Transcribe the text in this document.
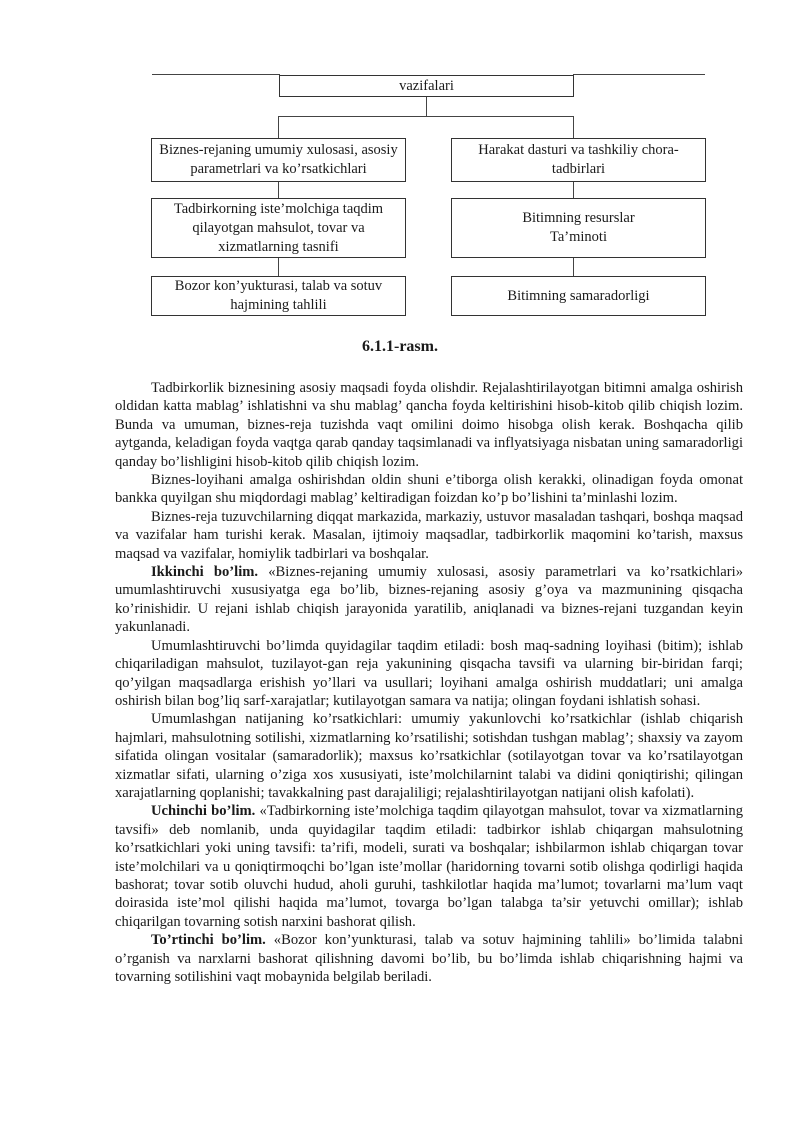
vazifalari
Biznes-rejaning umumiy xulosasi, asosiy parametrlari va ko’rsatkichlari
Tadbirkorning iste’molchiga taqdim qilayotgan mahsulot, tovar va xizmatlarning tasnifi
Bozor kon’yukturasi, talab va sotuv hajmining tahlili
Harakat dasturi va tashkiliy chora-tadbirlari
Bitimning resurslar Ta’minoti
Bitimning samaradorligi
6.1.1-rasm.

Tadbirkorlik biznesining asosiy maqsadi foyda olishdir. Rejalashtirilayotgan bitimni amalga oshirish oldidan katta mablag’ ishlatishni va shu mablag’ qancha foyda keltirishini hisob-kitob qilib chiqish lozim. Bunda va umuman, biznes-reja tuzishda vaqt omilini doimo hisobga olish kerak. Boshqacha qilib aytganda, keladigan foyda vaqtga qarab qanday taqsimlanadi va inflyatsiyaga nisbatan uning samaradorligi qanday bo’lishligini hisob-kitob qilib chiqish lozim.

Biznes-loyihani amalga oshirishdan oldin shuni e’tiborga olish kerakki, olinadigan foyda omonat bankka quyilgan shu miqdordagi mablag’ keltiradigan foizdan ko’p bo’lishini ta’minlashi lozim.

Biznes-reja tuzuvchilarning diqqat markazida, markaziy, ustuvor masaladan tashqari, boshqa maqsad va vazifalar ham turishi kerak. Masalan, ijtimoiy maqsadlar, tadbirkorlik maqomini ko’tarish, maxsus maqsad va vazifalar, homiylik tadbirlari va boshqalar.

Ikkinchi bo’lim. «Biznes-rejaning umumiy xulosasi, asosiy parametrlari va ko’rsatkichlari» umumlashtiruvchi xususiyatga ega bo’lib, biznes-rejaning asosiy g’oya va mazmunining qisqacha ko’rinishidir. U rejani ishlab chiqish jarayonida yaratilib, aniqlanadi va biznes-rejani tuzgandan keyin yakunlanadi.

Umumlashtiruvchi bo’limda quyidagilar taqdim etiladi: bosh maq-sadning loyihasi (bitim); ishlab chiqariladigan mahsulot, tuzilayot-gan reja yakunining qisqacha tavsifi va ularning bir-biridan farqi; qo’yilgan maqsadlarga erishish yo’llari va usullari; loyihani amalga oshirish muddatlari; uni amalga oshirish bilan bog’liq sarf-xarajatlar; kutilayotgan samara va natija; olingan foydani ishlatish sohasi.

Umumlashgan natijaning ko’rsatkichlari: umumiy yakunlovchi ko’rsatkichlar (ishlab chiqarish hajmlari, mahsulotning sotilishi, xizmatlarning ko’rsatilishi; sotishdan tushgan mablag’; shaxsiy va zayom sifatida olingan vositalar (samaradorlik); maxsus ko’rsatkichlar (sotilayotgan tovar va ko’rsatilayotgan xizmatlar sifati, ularning o’ziga xos xususiyati, iste’molchilarnint talabi va didini qoniqtirishi; qilingan xarajatlarning qoplanishi; tavakkalning past darajaliligi; rejalashtirilayotgan natijani olish kafolati).

Uchinchi bo’lim. «Tadbirkorning iste’molchiga taqdim qilayotgan mahsulot, tovar va xizmatlarning tavsifi» deb nomlanib, unda quyidagilar taqdim etiladi: tadbirkor ishlab chiqargan mahsulotning ko’rsatkichlari yoki uning tavsifi: ta’rifi, modeli, surati va boshqalar; ishbilarmon ishlab chiqargan tovar iste’molchilari va u qoniqtirmoqchi bo’lgan iste’mollar (haridorning tovarni sotib olishga qodirligi haqida bashorat; tovar sotib oluvchi hudud, aholi guruhi, tashkilotlar haqida ma’lumot; tovarlarni ma’lum vaqt doirasida iste’mol qilishi haqida ma’lumot, tovarga bo’lgan talabga ta’sir yetuvchi omillar); ishlab chiqarilgan tovarning sotish narxini bashorat qilish.

To’rtinchi bo’lim. «Bozor kon’yunkturasi, talab va sotuv hajmining tahlili» bo’limida talabni o’rganish va narxlarni bashorat qilishning davomi bo’lib, bu bo’limda ishlab chiqarishning hajmi va tovarning sotilishini vaqt mobaynida belgilab beriladi.
